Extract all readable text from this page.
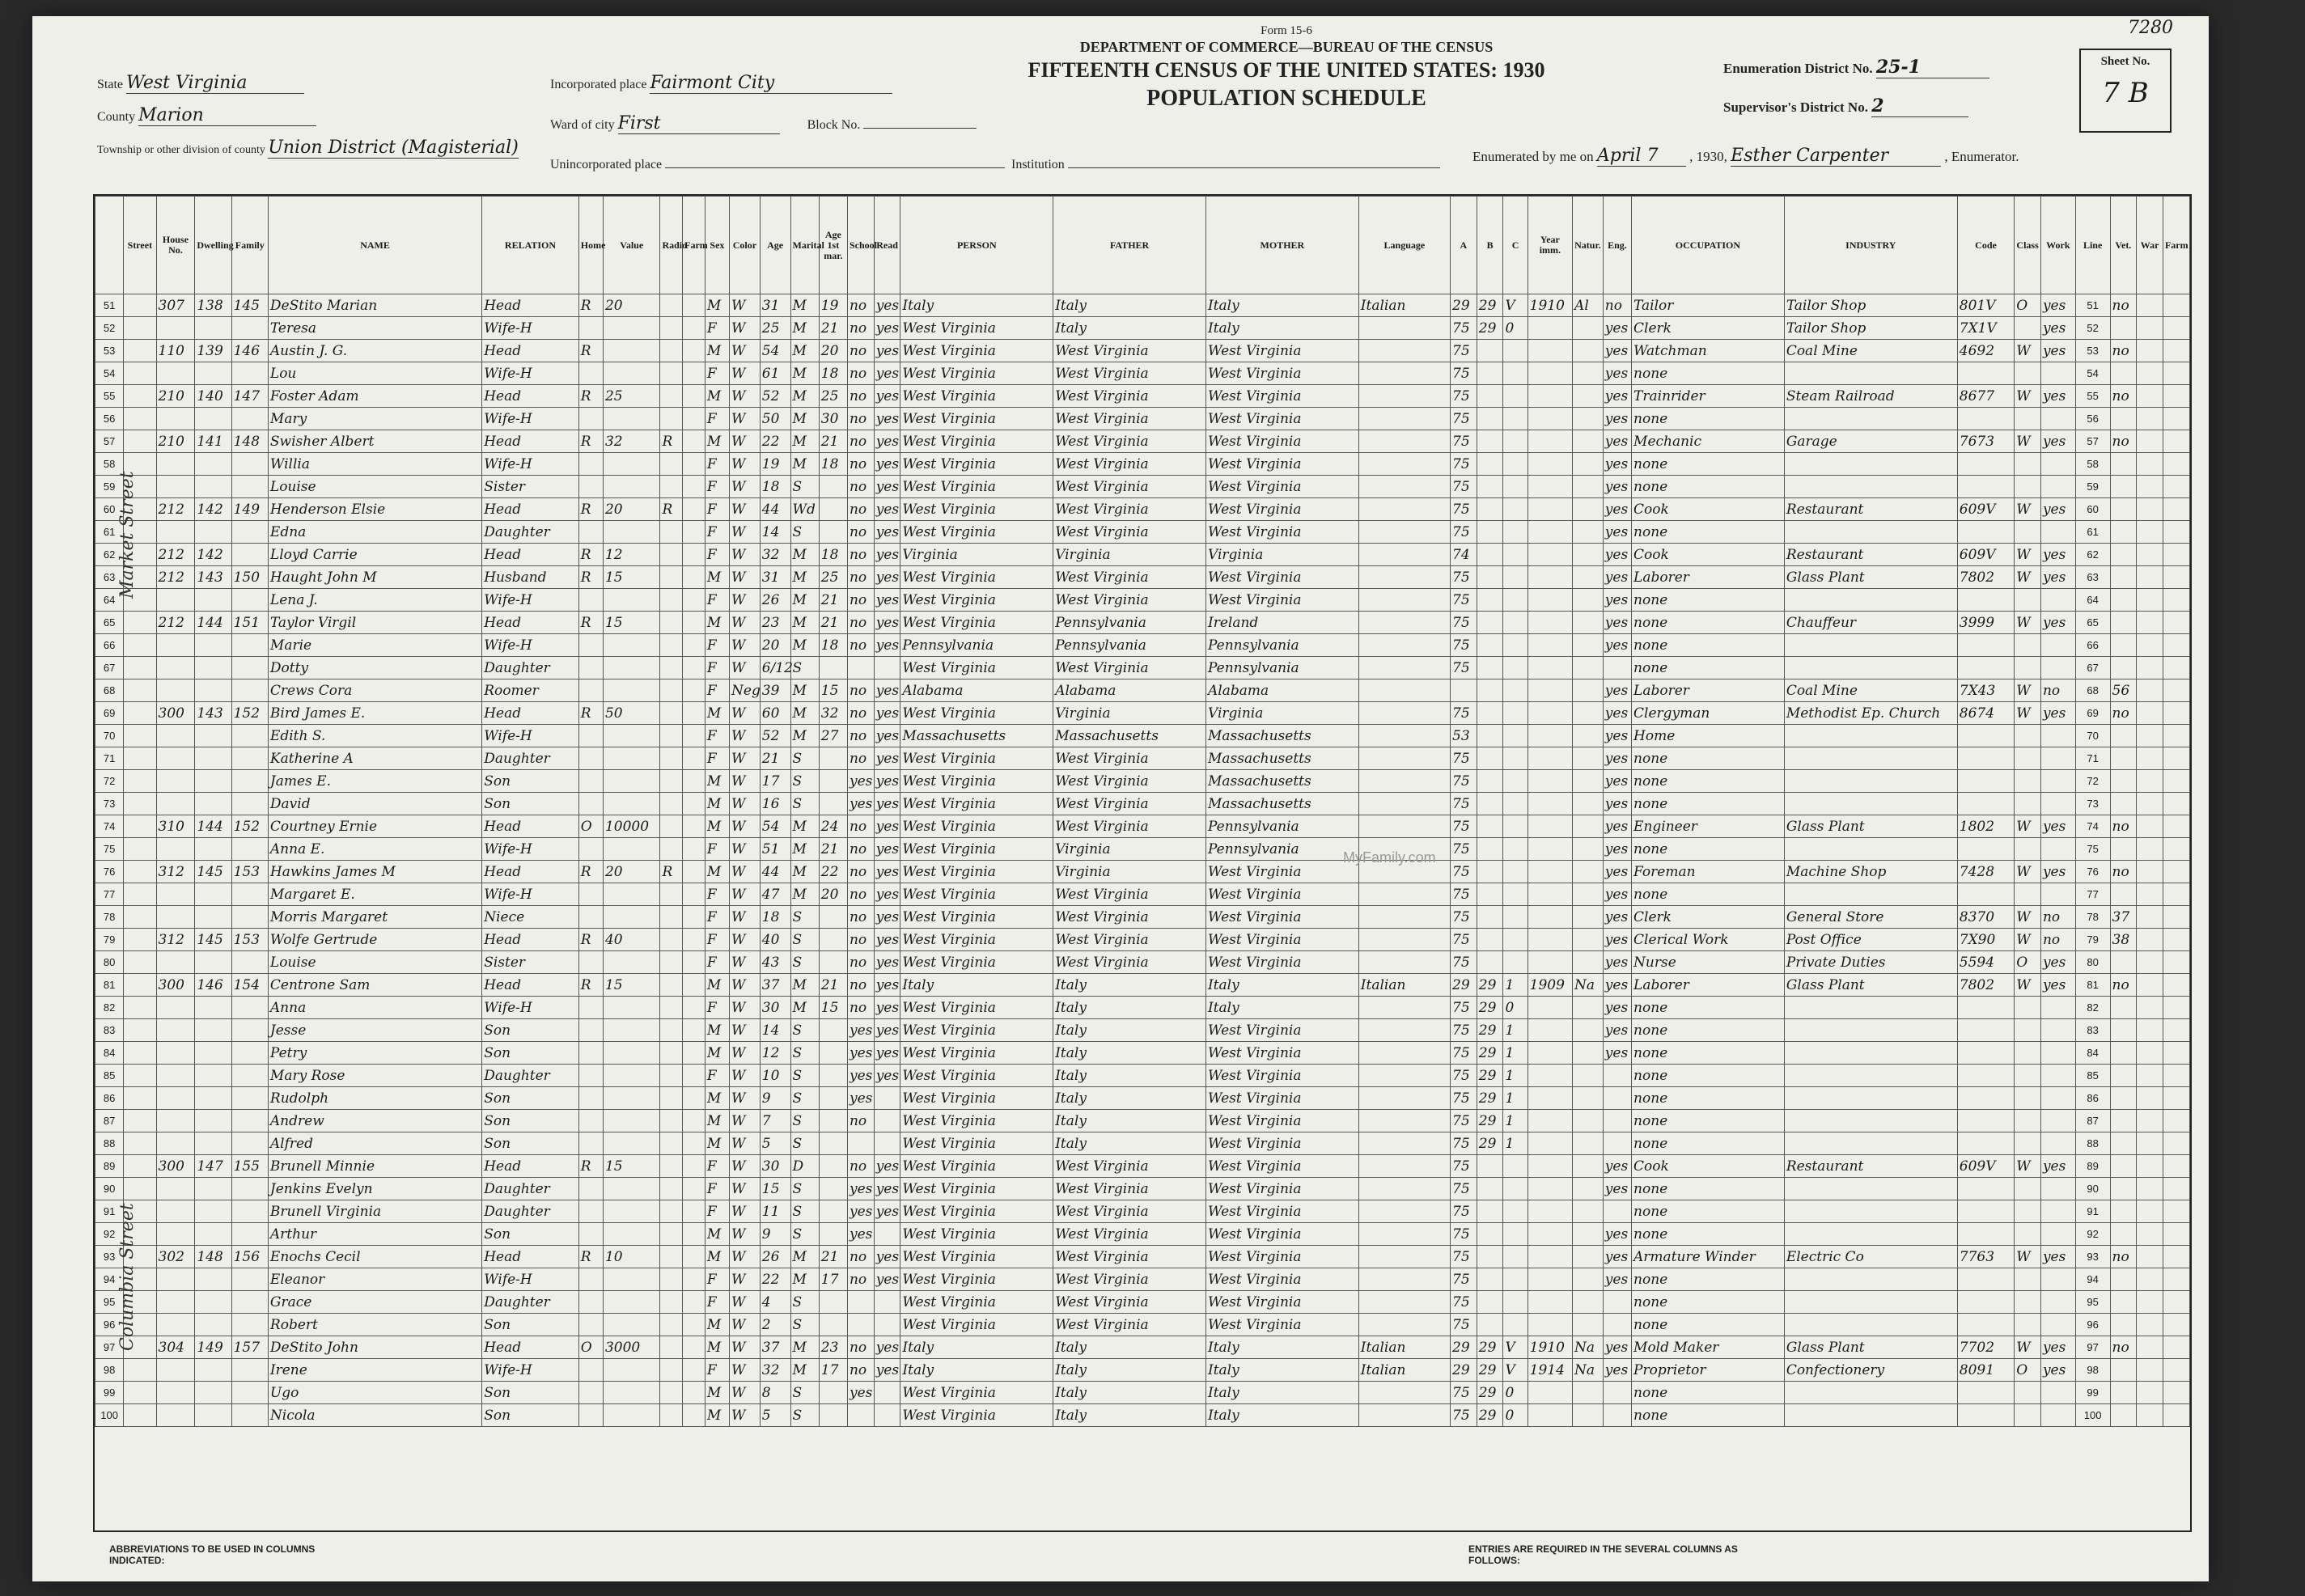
Form 15-6
DEPARTMENT OF COMMERCE—BUREAU OF THE CENSUS
FIFTEENTH CENSUS OF THE UNITED STATES: 1930
POPULATION SCHEDULE
State West Virginia
County Marion
Township or other division of county Union District (Magisterial)
Incorporated place Fairmont City
Ward of city First	Block No.
Unincorporated place	Institution
Enumeration District No. 25-1
Supervisor's District No. 2
Sheet No.
7 B
7280
Enumerated by me on April 7 , 1930, Esther Carpenter	, Enumerator.
	Street	House No.	Dwelling	Family	NAME	RELATION	Home	Value	Radio	Farm	Sex	Color	Age	Marital	Age 1st mar.	School	Read	PERSON	FATHER	MOTHER	Language	A	B	C	Year imm.	Natur.	Eng.	OCCUPATION	INDUSTRY	Code	Class	Work	Line	Vet.	War	Farm
51		307	138	145	DeStito Marian	Head	R	20			M	W	31	M	19	no	yes	Italy	Italy	Italy	Italian	29	29	V	1910	Al	no	Tailor	Tailor Shop	801V	O	yes	51	no		
52					Teresa	Wife-H					F	W	25	M	21	no	yes	West Virginia	Italy	Italy		75	29	0			yes	Clerk	Tailor Shop	7X1V		yes	52			
53		110	139	146	Austin J. G.	Head	R				M	W	54	M	20	no	yes	West Virginia	West Virginia	West Virginia		75					yes	Watchman	Coal Mine	4692	W	yes	53	no		
54					Lou	Wife-H					F	W	61	M	18	no	yes	West Virginia	West Virginia	West Virginia		75					yes	none					54			
55		210	140	147	Foster Adam	Head	R	25			M	W	52	M	25	no	yes	West Virginia	West Virginia	West Virginia		75					yes	Trainrider	Steam Railroad	8677	W	yes	55	no		
56					Mary	Wife-H					F	W	50	M	30	no	yes	West Virginia	West Virginia	West Virginia		75					yes	none					56			
57		210	141	148	Swisher Albert	Head	R	32	R		M	W	22	M	21	no	yes	West Virginia	West Virginia	West Virginia		75					yes	Mechanic	Garage	7673	W	yes	57	no		
58					Willia	Wife-H					F	W	19	M	18	no	yes	West Virginia	West Virginia	West Virginia		75					yes	none					58			
59					Louise	Sister					F	W	18	S		no	yes	West Virginia	West Virginia	West Virginia		75					yes	none					59			
60		212	142	149	Henderson Elsie	Head	R	20	R		F	W	44	Wd		no	yes	West Virginia	West Virginia	West Virginia		75					yes	Cook	Restaurant	609V	W	yes	60			
61					Edna	Daughter					F	W	14	S		no	yes	West Virginia	West Virginia	West Virginia		75					yes	none					61			
62		212	142		Lloyd Carrie	Head	R	12			F	W	32	M	18	no	yes	Virginia	Virginia	Virginia		74					yes	Cook	Restaurant	609V	W	yes	62			
63		212	143	150	Haught John M	Husband	R	15			M	W	31	M	25	no	yes	West Virginia	West Virginia	West Virginia		75					yes	Laborer	Glass Plant	7802	W	yes	63			
64					Lena J.	Wife-H					F	W	26	M	21	no	yes	West Virginia	West Virginia	West Virginia		75					yes	none					64			
65		212	144	151	Taylor Virgil	Head	R	15			M	W	23	M	21	no	yes	West Virginia	Pennsylvania	Ireland		75					yes	none	Chauffeur	3999	W	yes	65			
66					Marie	Wife-H					F	W	20	M	18	no	yes	Pennsylvania	Pennsylvania	Pennsylvania		75					yes	none					66			
67					Dotty	Daughter					F	W	6/12	S				West Virginia	West Virginia	Pennsylvania		75						none					67			
68					Crews Cora	Roomer					F	Neg	39	M	15	no	yes	Alabama	Alabama	Alabama							yes	Laborer	Coal Mine	7X43	W	no	68	56		
69		300	143	152	Bird James E.	Head	R	50			M	W	60	M	32	no	yes	West Virginia	Virginia	Virginia		75					yes	Clergyman	Methodist Ep. Church	8674	W	yes	69	no		
70					Edith S.	Wife-H					F	W	52	M	27	no	yes	Massachusetts	Massachusetts	Massachusetts		53					yes	Home					70			
71					Katherine A	Daughter					F	W	21	S		no	yes	West Virginia	West Virginia	Massachusetts		75					yes	none					71			
72					James E.	Son					M	W	17	S		yes	yes	West Virginia	West Virginia	Massachusetts		75					yes	none					72			
73					David	Son					M	W	16	S		yes	yes	West Virginia	West Virginia	Massachusetts		75					yes	none					73			
74		310	144	152	Courtney Ernie	Head	O	10000			M	W	54	M	24	no	yes	West Virginia	West Virginia	Pennsylvania		75					yes	Engineer	Glass Plant	1802	W	yes	74	no		
75					Anna E.	Wife-H					F	W	51	M	21	no	yes	West Virginia	Virginia	Pennsylvania		75					yes	none					75			
76		312	145	153	Hawkins James M	Head	R	20	R		M	W	44	M	22	no	yes	West Virginia	Virginia	West Virginia		75					yes	Foreman	Machine Shop	7428	W	yes	76	no		
77					Margaret E.	Wife-H					F	W	47	M	20	no	yes	West Virginia	West Virginia	West Virginia		75					yes	none					77			
78					Morris Margaret	Niece					F	W	18	S		no	yes	West Virginia	West Virginia	West Virginia		75					yes	Clerk	General Store	8370	W	no	78	37		
79		312	145	153	Wolfe Gertrude	Head	R	40			F	W	40	S		no	yes	West Virginia	West Virginia	West Virginia		75					yes	Clerical Work	Post Office	7X90	W	no	79	38		
80					Louise	Sister					F	W	43	S		no	yes	West Virginia	West Virginia	West Virginia		75					yes	Nurse	Private Duties	5594	O	yes	80			
81		300	146	154	Centrone Sam	Head	R	15			M	W	37	M	21	no	yes	Italy	Italy	Italy	Italian	29	29	1	1909	Na	yes	Laborer	Glass Plant	7802	W	yes	81	no		
82					Anna	Wife-H					F	W	30	M	15	no	yes	West Virginia	Italy	Italy		75	29	0			yes	none					82			
83					Jesse	Son					M	W	14	S		yes	yes	West Virginia	Italy	West Virginia		75	29	1			yes	none					83			
84					Petry	Son					M	W	12	S		yes	yes	West Virginia	Italy	West Virginia		75	29	1			yes	none					84			
85					Mary Rose	Daughter					F	W	10	S		yes	yes	West Virginia	Italy	West Virginia		75	29	1				none					85			
86					Rudolph	Son					M	W	9	S		yes		West Virginia	Italy	West Virginia		75	29	1				none					86			
87					Andrew	Son					M	W	7	S		no		West Virginia	Italy	West Virginia		75	29	1				none					87			
88					Alfred	Son					M	W	5	S				West Virginia	Italy	West Virginia		75	29	1				none					88			
89		300	147	155	Brunell Minnie	Head	R	15			F	W	30	D		no	yes	West Virginia	West Virginia	West Virginia		75					yes	Cook	Restaurant	609V	W	yes	89			
90					Jenkins Evelyn	Daughter					F	W	15	S		yes	yes	West Virginia	West Virginia	West Virginia		75					yes	none					90			
91					Brunell Virginia	Daughter					F	W	11	S		yes	yes	West Virginia	West Virginia	West Virginia		75						none					91			
92					Arthur	Son					M	W	9	S		yes		West Virginia	West Virginia	West Virginia		75					yes	none					92			
93		302	148	156	Enochs Cecil	Head	R	10			M	W	26	M	21	no	yes	West Virginia	West Virginia	West Virginia		75					yes	Armature Winder	Electric Co	7763	W	yes	93	no		
94					Eleanor	Wife-H					F	W	22	M	17	no	yes	West Virginia	West Virginia	West Virginia		75					yes	none					94			
95					Grace	Daughter					F	W	4	S				West Virginia	West Virginia	West Virginia		75						none					95			
96					Robert	Son					M	W	2	S				West Virginia	West Virginia	West Virginia		75						none					96			
97		304	149	157	DeStito John	Head	O	3000			M	W	37	M	23	no	yes	Italy	Italy	Italy	Italian	29	29	V	1910	Na	yes	Mold Maker	Glass Plant	7702	W	yes	97	no		
98					Irene	Wife-H					F	W	32	M	17	no	yes	Italy	Italy	Italy	Italian	29	29	V	1914	Na	yes	Proprietor	Confectionery	8091	O	yes	98			
99					Ugo	Son					M	W	8	S		yes		West Virginia	Italy	Italy		75	29	0				none					99			
100					Nicola	Son					M	W	5	S				West Virginia	Italy	Italy		75	29	0				none					100			
Market Street
Columbia Street
MyFamily.com
ABBREVIATIONS TO BE USED IN COLUMNS INDICATED:
ENTRIES ARE REQUIRED IN THE SEVERAL COLUMNS AS FOLLOWS:
